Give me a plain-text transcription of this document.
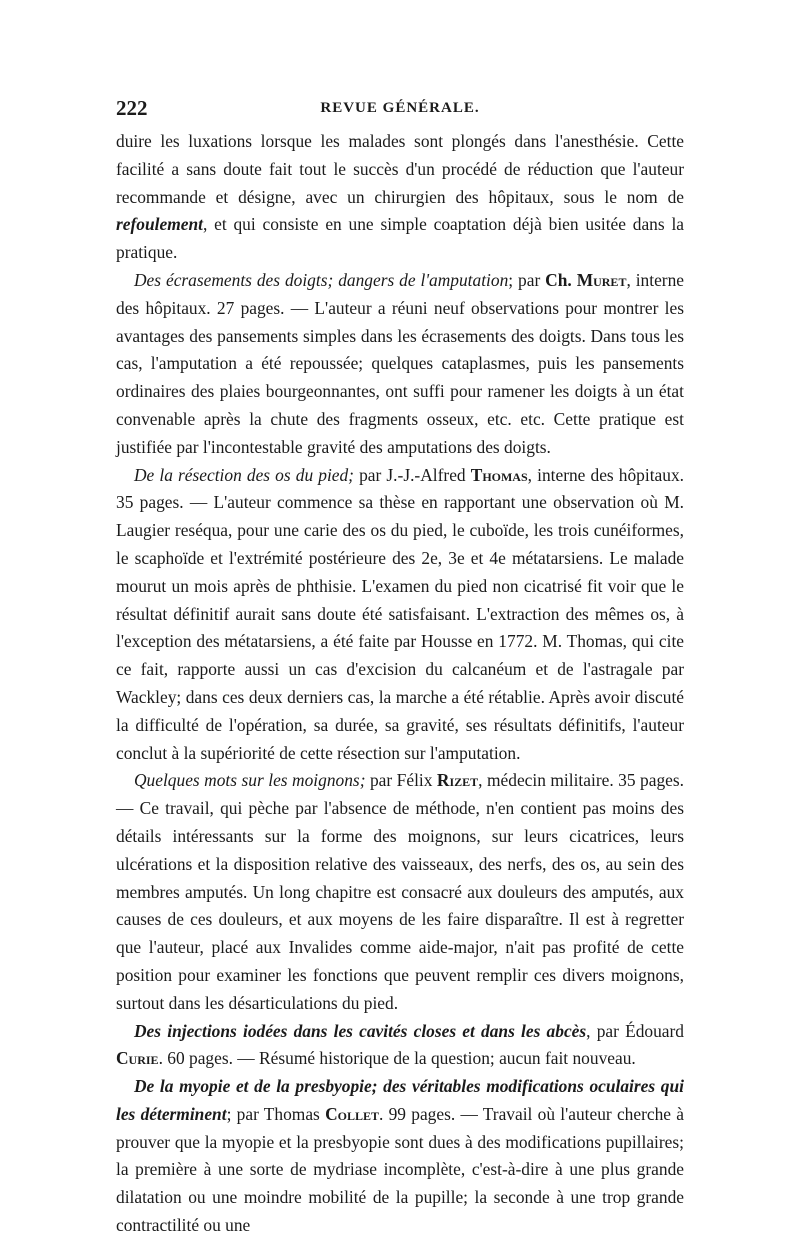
222	REVUE GÉNÉRALE.

duire les luxations lorsque les malades sont plongés dans l'anesthésie. Cette facilité a sans doute fait tout le succès d'un procédé de réduction que l'auteur recommande et désigne, avec un chirurgien des hôpitaux, sous le nom de refoulement, et qui consiste en une simple coaptation déjà bien usitée dans la pratique.

Des écrasements des doigts; dangers de l'amputation; par Ch. Muret, interne des hôpitaux. 27 pages. — L'auteur a réuni neuf observations pour montrer les avantages des pansements simples dans les écrasements des doigts. Dans tous les cas, l'amputation a été repoussée; quelques cataplasmes, puis les pansements ordinaires des plaies bourgeonnantes, ont suffi pour ramener les doigts à un état convenable après la chute des fragments osseux, etc. etc. Cette pratique est justifiée par l'incontestable gravité des amputations des doigts.

De la résection des os du pied; par J.-J.-Alfred Thomas, interne des hôpitaux. 35 pages. — L'auteur commence sa thèse en rapportant une observation où M. Laugier reséqua, pour une carie des os du pied, le cuboïde, les trois cunéiformes, le scaphoïde et l'extrémité postérieure des 2e, 3e et 4e métatarsiens. Le malade mourut un mois après de phthisie. L'examen du pied non cicatrisé fit voir que le résultat définitif aurait sans doute été satisfaisant. L'extraction des mêmes os, à l'exception des métatarsiens, a été faite par Housse en 1772. M. Thomas, qui cite ce fait, rapporte aussi un cas d'excision du calcanéum et de l'astragale par Wackley; dans ces deux derniers cas, la marche a été rétablie. Après avoir discuté la difficulté de l'opération, sa durée, sa gravité, ses résultats définitifs, l'auteur conclut à la supériorité de cette résection sur l'amputation.

Quelques mots sur les moignons; par Félix Rizet, médecin militaire. 35 pages. — Ce travail, qui pèche par l'absence de méthode, n'en contient pas moins des détails intéressants sur la forme des moignons, sur leurs cicatrices, leurs ulcérations et la disposition relative des vaisseaux, des nerfs, des os, au sein des membres amputés. Un long chapitre est consacré aux douleurs des amputés, aux causes de ces douleurs, et aux moyens de les faire disparaître. Il est à regretter que l'auteur, placé aux Invalides comme aide-major, n'ait pas profité de cette position pour examiner les fonctions que peuvent remplir ces divers moignons, surtout dans les désarticulations du pied.

Des injections iodées dans les cavités closes et dans les abcès, par Édouard Curie. 60 pages. — Résumé historique de la question; aucun fait nouveau.

De la myopie et de la presbyopie; des véritables modifications oculaires qui les déterminent; par Thomas Collet. 99 pages. — Travail où l'auteur cherche à prouver que la myopie et la presbyopie sont dues à des modifications pupillaires; la première à une sorte de mydriase incomplète, c'est-à-dire à une plus grande dilatation ou une moindre mobilité de la pupille; la seconde à une trop grande contractilité ou une
